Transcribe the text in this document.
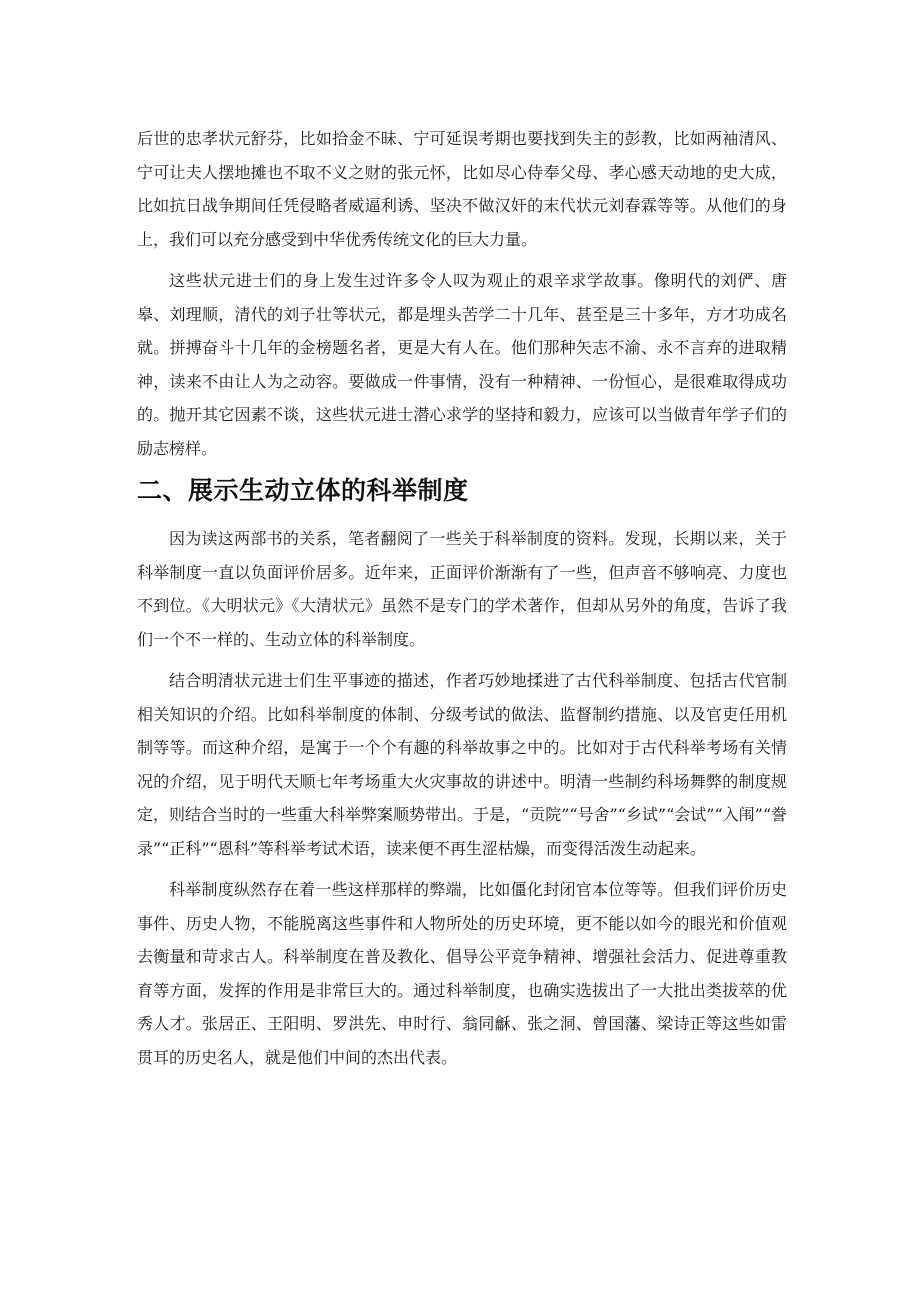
后世的忠孝状元舒芬，比如拾金不昧、宁可延误考期也要找到失主的彭教，比如两袖清风、宁可让夫人摆地摊也不取不义之财的张元怀，比如尽心侍奉父母、孝心感天动地的史大成，比如抗日战争期间任凭侵略者威逼利诱、坚决不做汉奸的末代状元刘春霖等等。从他们的身上，我们可以充分感受到中华优秀传统文化的巨大力量。

这些状元进士们的身上发生过许多令人叹为观止的艰辛求学故事。像明代的刘俨、唐皋、刘理顺，清代的刘子壮等状元，都是埋头苦学二十几年、甚至是三十多年，方才功成名就。拼搏奋斗十几年的金榜题名者，更是大有人在。他们那种矢志不渝、永不言弃的进取精神，读来不由让人为之动容。要做成一件事情，没有一种精神、一份恒心，是很难取得成功的。抛开其它因素不谈，这些状元进士潜心求学的坚持和毅力，应该可以当做青年学子们的励志榜样。

二、展示生动立体的科举制度

因为读这两部书的关系，笔者翻阅了一些关于科举制度的资料。发现，长期以来，关于科举制度一直以负面评价居多。近年来，正面评价渐渐有了一些，但声音不够响亮、力度也不到位。《大明状元》《大清状元》虽然不是专门的学术著作，但却从另外的角度，告诉了我们一个不一样的、生动立体的科举制度。

结合明清状元进士们生平事迹的描述，作者巧妙地揉进了古代科举制度、包括古代官制相关知识的介绍。比如科举制度的体制、分级考试的做法、监督制约措施、以及官吏任用机制等等。而这种介绍，是寓于一个个有趣的科举故事之中的。比如对于古代科举考场有关情况的介绍，见于明代天顺七年考场重大火灾事故的讲述中。明清一些制约科场舞弊的制度规定，则结合当时的一些重大科举弊案顺势带出。于是，“贡院”“号舍”“乡试”“会试”“入闱”“誊录”“正科”“恩科”等科举考试术语，读来便不再生涩枯燥，而变得活泼生动起来。

科举制度纵然存在着一些这样那样的弊端，比如僵化封闭官本位等等。但我们评价历史事件、历史人物，不能脱离这些事件和人物所处的历史环境，更不能以如今的眼光和价值观去衡量和苛求古人。科举制度在普及教化、倡导公平竞争精神、增强社会活力、促进尊重教育等方面，发挥的作用是非常巨大的。通过科举制度，也确实选拔出了一大批出类拔萃的优秀人才。张居正、王阳明、罗洪先、申时行、翁同龢、张之洞、曾国藩、梁诗正等这些如雷贯耳的历史名人，就是他们中间的杰出代表。
